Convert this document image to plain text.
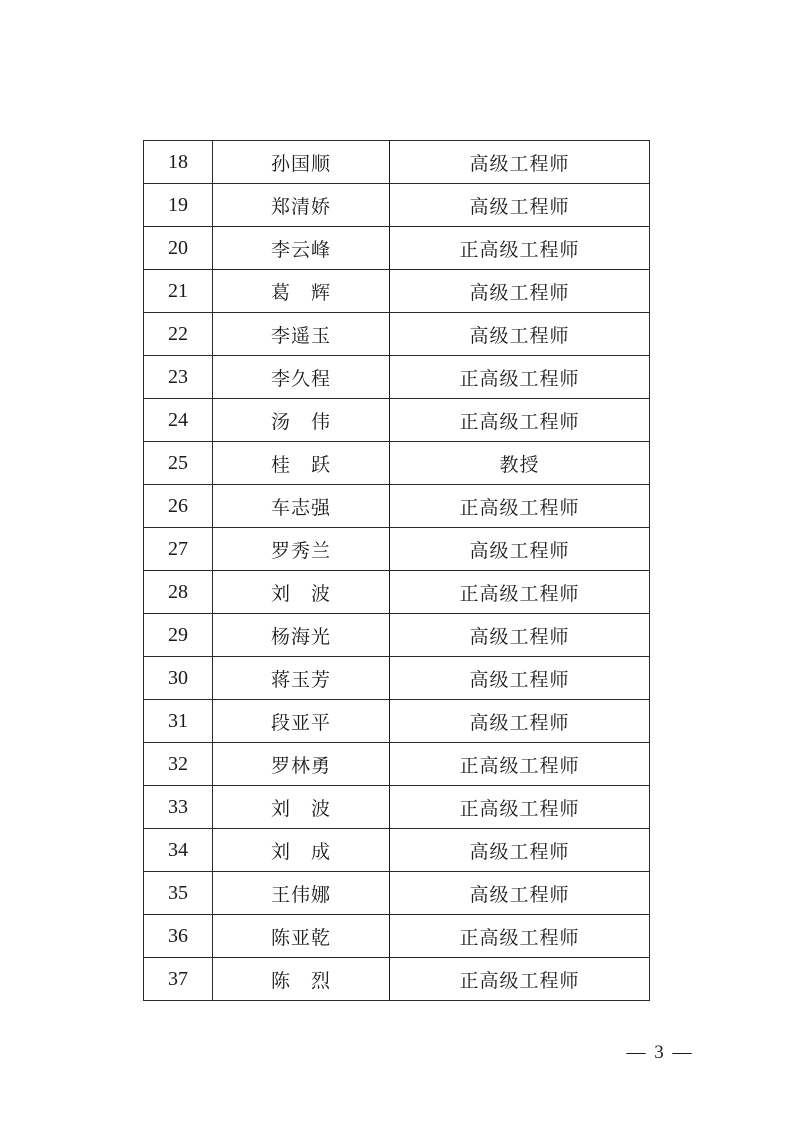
18	孙国顺	高级工程师
19	郑清娇	高级工程师
20	李云峰	正高级工程师
21	葛　辉	高级工程师
22	李遥玉	高级工程师
23	李久程	正高级工程师
24	汤　伟	正高级工程师
25	桂　跃	教授
26	车志强	正高级工程师
27	罗秀兰	高级工程师
28	刘　波	正高级工程师
29	杨海光	高级工程师
30	蒋玉芳	高级工程师
31	段亚平	高级工程师
32	罗林勇	正高级工程师
33	刘　波	正高级工程师
34	刘　成	高级工程师
35	王伟娜	高级工程师
36	陈亚乾	正高级工程师
37	陈　烈	正高级工程师
— 3 —
